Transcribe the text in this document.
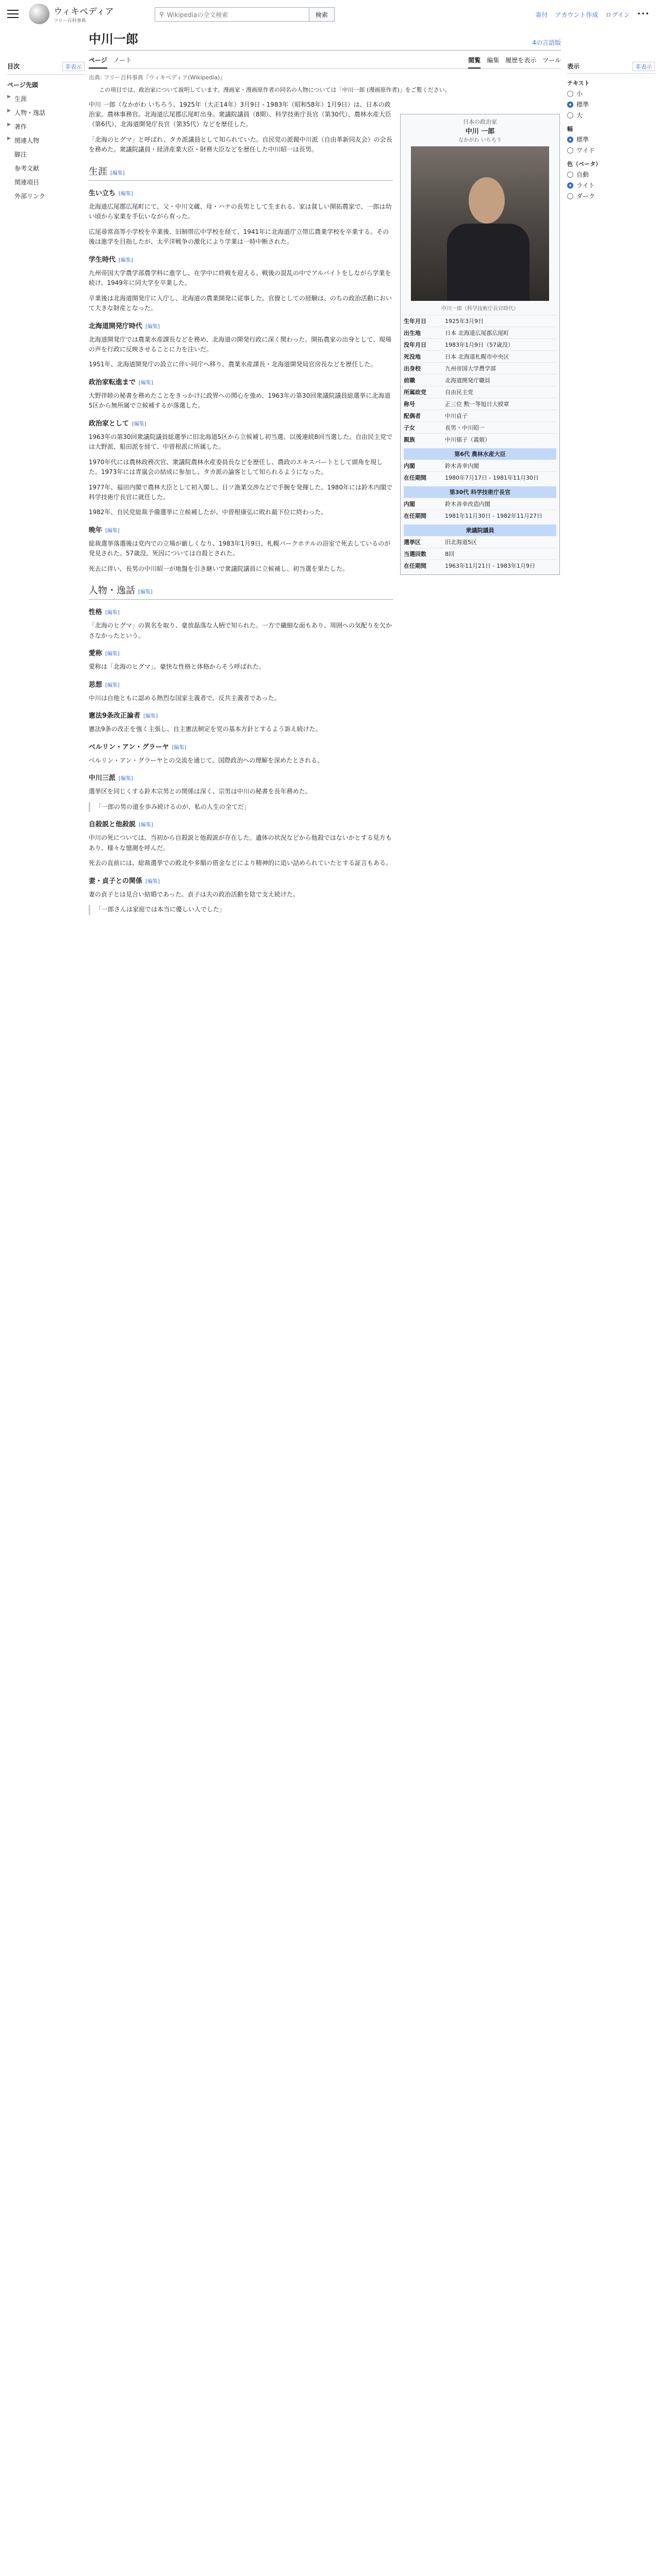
ウィキペディア
フリー百科事典
⚲ Wikipediaの全文検索	検索	寄付 アカウント作成 ログイン •••
目次	非表示
ページ先頭
▶ 生涯
▶ 人物・逸話
▶ 著作
▶ 関連人物
脚注
参考文献
関連項目
外部リンク
中川一郎	4の言語版
ページ ノート	閲覧 編集 履歴を表示 ツール
出典: フリー百科事典『ウィキペディア(Wikipedia)』
この項目では、政治家について説明しています。漫画家・漫画原作者の同名の人物については「中川一郎 (漫画原作者)」をご覧ください。

中川 一郎（なかがわ いちろう、1925年（大正14年）3月9日 - 1983年（昭和58年）1月9日）は、日本の政治家。農林事務官。北海道広尾郡広尾町出身。衆議院議員（8期）、科学技術庁長官（第30代）、農林水産大臣（第6代）、北海道開発庁長官（第35代）などを歴任した。

「北海のヒグマ」と呼ばれ、タカ派議員として知られていた。自民党の派閥中川派（自由革新同友会）の会長を務めた。衆議院議員・経済産業大臣・財務大臣などを歴任した中川昭一は長男。

生涯 [編集]
生い立ち [編集]

北海道広尾郡広尾町にて、父・中川文蔵、母・ハナの長男として生まれる。家は貧しい開拓農家で、一郎は幼い頃から家業を手伝いながら育った。

広尾尋常高等小学校を卒業後、旧制帯広中学校を経て、1941年に北海道庁立帯広農業学校を卒業する。その後は進学を目指したが、太平洋戦争の激化により学業は一時中断された。

学生時代 [編集]

九州帝国大学農学部農学科に進学し、在学中に終戦を迎える。戦後の混乱の中でアルバイトをしながら学業を続け、1949年に同大学を卒業した。

卒業後は北海道開発庁に入庁し、北海道の農業開発に従事した。官僚としての経験は、のちの政治活動において大きな財産となった。

北海道開発庁時代 [編集]

北海道開発庁では農業水産課長などを務め、北海道の開発行政に深く関わった。開拓農家の出身として、現場の声を行政に反映させることに力を注いだ。

1951年、北海道開発庁の設立に伴い同庁へ移り、農業水産課長・北海道開発局官房長などを歴任した。

政治家転進まで [編集]

大野伴睦の秘書を務めたことをきっかけに政界への関心を強め、1963年の第30回衆議院議員総選挙に北海道5区から無所属で立候補するが落選した。

政治家として [編集]

1963年の第30回衆議院議員総選挙に旧北海道5区から立候補し初当選。以後連続8回当選した。自由民主党では大野派、船田派を経て、中曽根派に所属した。

1970年代には農林政務次官、衆議院農林水産委員長などを歴任し、農政のエキスパートとして頭角を現した。1973年には青嵐会の結成に参加し、タカ派の論客として知られるようになった。

1977年、福田内閣で農林大臣として初入閣し、日ソ漁業交渉などで手腕を発揮した。1980年には鈴木内閣で科学技術庁長官に就任した。

1982年、自民党総裁予備選挙に立候補したが、中曽根康弘に敗れ最下位に終わった。

晩年 [編集]

総裁選挙落選後は党内での立場が厳しくなり、1983年1月9日、札幌パークホテルの浴室で死去しているのが発見された。57歳没。死因については自殺とされた。

死去に伴い、長男の中川昭一が地盤を引き継いで衆議院議員に立候補し、初当選を果たした。

人物・逸話 [編集]
性格 [編集]

「北海のヒグマ」の異名を取り、豪放磊落な人柄で知られた。一方で繊細な面もあり、周囲への気配りを欠かさなかったという。

愛称 [編集]

愛称は「北海のヒグマ」。豪快な性格と体格からそう呼ばれた。

思想 [編集]

中川は自他ともに認める熱烈な国家主義者で、反共主義者であった。

憲法9条改正論者 [編集]

憲法9条の改正を強く主張し、自主憲法制定を党の基本方針とするよう訴え続けた。

ベルリン・アン・グラーヤ [編集]

ベルリン・アン・グラーヤとの交流を通じて、国際政治への理解を深めたとされる。

中川三派 [編集]

選挙区を同じくする鈴木宗男との関係は深く、宗男は中川の秘書を長年務めた。

「一郎の男の道を歩み続けるのが、私の人生の全てだ」
自殺説と他殺説 [編集]

中川の死については、当初から自殺説と他殺説が存在した。遺体の状況などから他殺ではないかとする見方もあり、様々な憶測を呼んだ。

死去の直前には、総裁選挙での敗北や多額の借金などにより精神的に追い詰められていたとする証言もある。

妻・貞子との関係 [編集]

妻の貞子とは見合い結婚であった。貞子は夫の政治活動を陰で支え続けた。

「一郎さんは家庭では本当に優しい人でした」
日本の政治家
中川 一郎
なかがわ いちろう
中川一郎（科学技術庁長官時代）
生年月日	1925年3月9日
出生地	日本 北海道広尾郡広尾町
没年月日	1983年1月9日（57歳没）
死没地	日本 北海道札幌市中央区
出身校	九州帝国大学農学部
前職	北海道開発庁職員
所属政党	自由民主党
称号	正三位 勲一等旭日大綬章
配偶者	中川貞子
子女	長男・中川昭一
親族	中川郁子（義娘）
第6代 農林水産大臣
内閣	鈴木善幸内閣
在任期間	1980年7月17日 - 1981年11月30日
第30代 科学技術庁長官
内閣	鈴木善幸改造内閣
在任期間	1981年11月30日 - 1982年11月27日
衆議院議員
選挙区	旧北海道5区
当選回数	8回
在任期間	1963年11月21日 - 1983年1月9日
表示	非表示
テキスト
小
標準
大
幅
標準
ワイド
色（ベータ）
自動
ライト
ダーク
